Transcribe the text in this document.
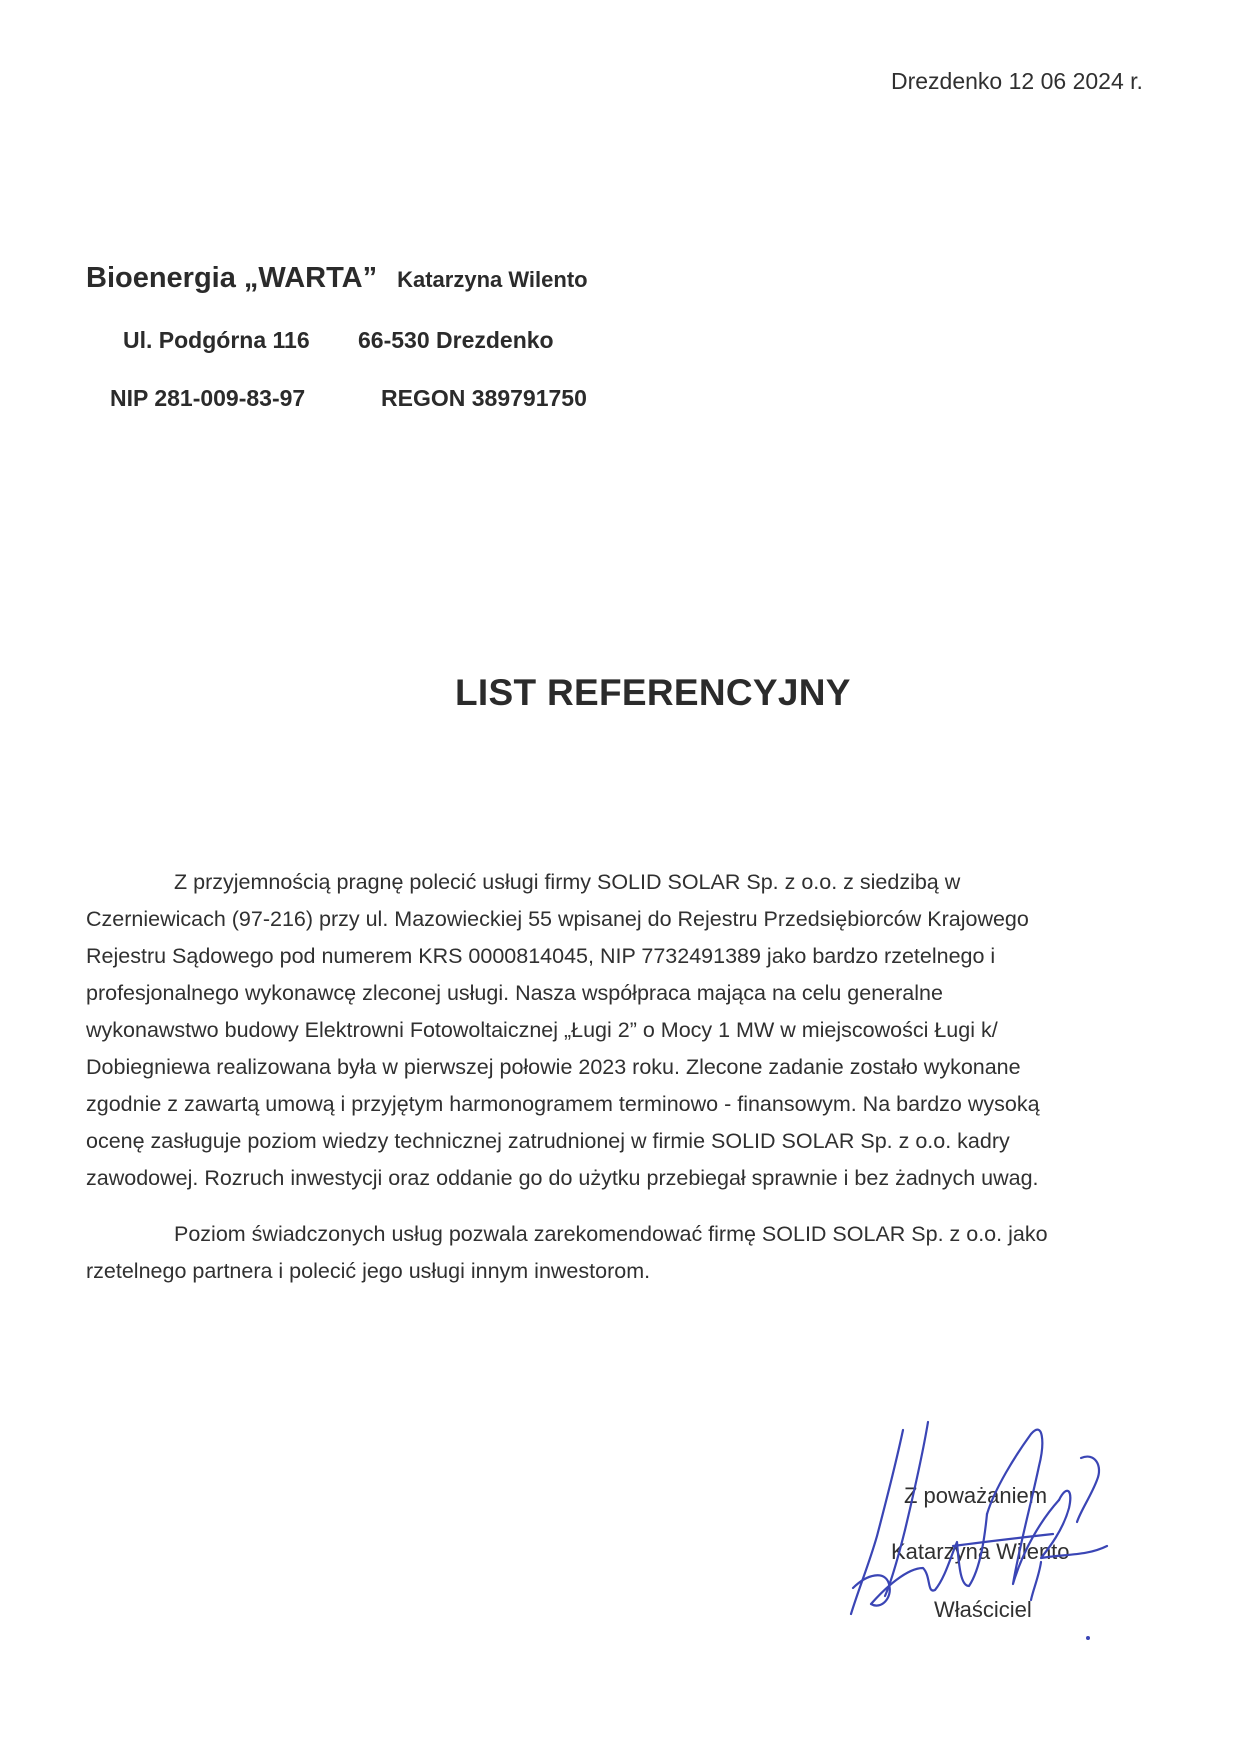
Drezdenko 12 06 2024 r.
Bioenergia „WARTA” Katarzyna Wilento
Ul. Podgórna 116 66-530 Drezdenko
NIP 281-009-83-97	REGON 389791750
LIST REFERENCYJNY
Z przyjemnością pragnę polecić usługi firmy SOLID SOLAR Sp. z o.o. z siedzibą w
Czerniewicach (97-216) przy ul. Mazowieckiej 55 wpisanej do Rejestru Przedsiębiorców Krajowego
Rejestru Sądowego pod numerem KRS 0000814045, NIP 7732491389 jako bardzo rzetelnego i
profesjonalnego wykonawcę zleconej usługi. Nasza współpraca mająca na celu generalne
wykonawstwo budowy Elektrowni Fotowoltaicznej „Ługi 2” o Mocy 1 MW w miejscowości Ługi k/
Dobiegniewa realizowana była w pierwszej połowie 2023 roku. Zlecone zadanie zostało wykonane
zgodnie z zawartą umową i przyjętym harmonogramem terminowo - finansowym. Na bardzo wysoką
ocenę zasługuje poziom wiedzy technicznej zatrudnionej w firmie SOLID SOLAR Sp. z o.o. kadry
zawodowej. Rozruch inwestycji oraz oddanie go do użytku przebiegał sprawnie i bez żadnych uwag.
Poziom świadczonych usług pozwala zarekomendować firmę SOLID SOLAR Sp. z o.o. jako
rzetelnego partnera i polecić jego usługi innym inwestorom.
Z poważaniem
Katarzyna Wilento
Właściciel
